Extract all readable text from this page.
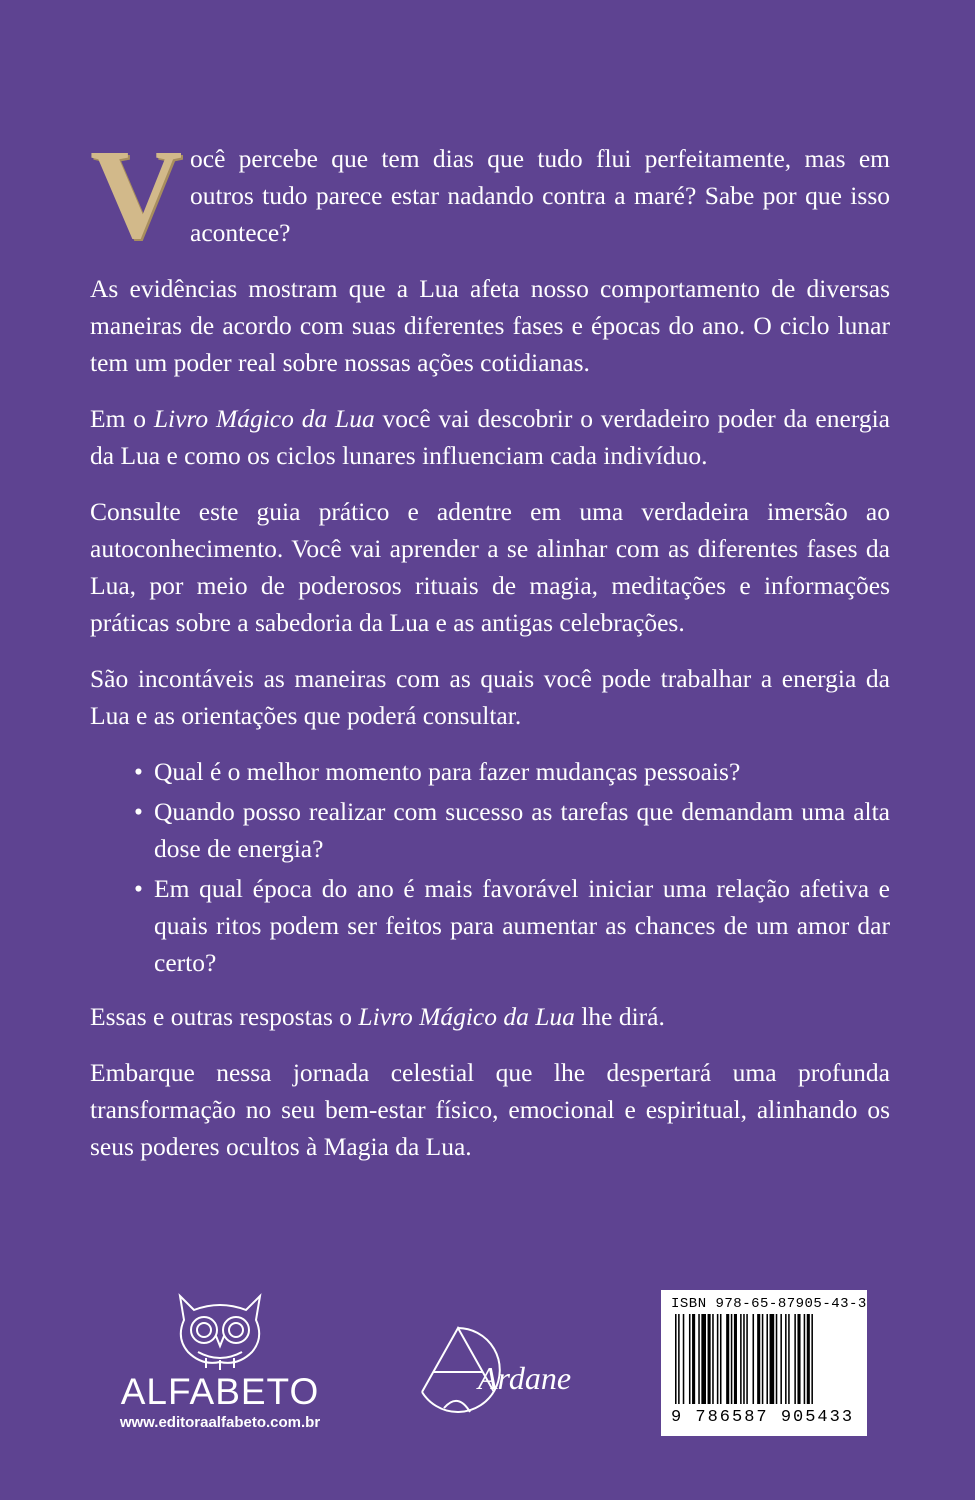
V ocê percebe que tem dias que tudo flui perfeitamente, mas em outros tudo parece estar nadando contra a maré? Sabe por que isso acontece?

As evidências mostram que a Lua afeta nosso comportamento de diversas maneiras de acordo com suas diferentes fases e épocas do ano. O ciclo lunar tem um poder real sobre nossas ações cotidianas.

Em o Livro Mágico da Lua você vai descobrir o verdadeiro poder da energia da Lua e como os ciclos lunares influenciam cada indivíduo.

Consulte este guia prático e adentre em uma verdadeira imersão ao autoconhecimento. Você vai aprender a se alinhar com as diferentes fases da Lua, por meio de poderosos rituais de magia, meditações e informações práticas sobre a sabedoria da Lua e as antigas celebrações.

São incontáveis as maneiras com as quais você pode trabalhar a energia da Lua e as orientações que poderá consultar.

• Qual é o melhor momento para fazer mudanças pessoais?
• Quando posso realizar com sucesso as tarefas que demandam uma alta dose de energia?
• Em qual época do ano é mais favorável iniciar uma relação afetiva e quais ritos podem ser feitos para aumentar as chances de um amor dar certo?

Essas e outras respostas o Livro Mágico da Lua lhe dirá.

Embarque nessa jornada celestial que lhe despertará uma profunda transformação no seu bem-estar físico, emocional e espiritual, alinhando os seus poderes ocultos à Magia da Lua.

ALFABETO
www.editoraalfabeto.com.br
Ardane
ISBN 978-65-87905-43-3
9 786587 905433
